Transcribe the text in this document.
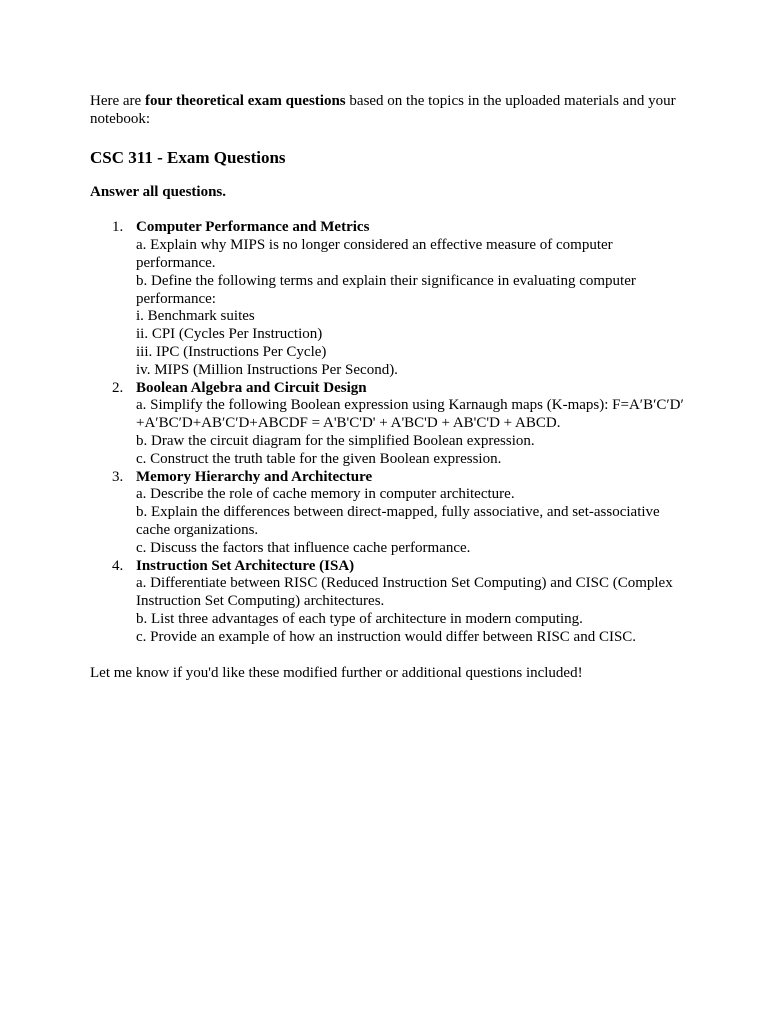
Here are four theoretical exam questions based on the topics in the uploaded materials and your notebook:

CSC 311 - Exam Questions

Answer all questions.

1. Computer Performance and Metrics
a. Explain why MIPS is no longer considered an effective measure of computer performance.
b. Define the following terms and explain their significance in evaluating computer performance:
i. Benchmark suites
ii. CPI (Cycles Per Instruction)
iii. IPC (Instructions Per Cycle)
iv. MIPS (Million Instructions Per Second).
2. Boolean Algebra and Circuit Design
a. Simplify the following Boolean expression using Karnaugh maps (K-maps): F=A′B′C′D′+A′BC′D+AB′C′D+ABCDF = A'B'C'D' + A'BC'D + AB'C'D + ABCD.
b. Draw the circuit diagram for the simplified Boolean expression.
c. Construct the truth table for the given Boolean expression.
3. Memory Hierarchy and Architecture
a. Describe the role of cache memory in computer architecture.
b. Explain the differences between direct-mapped, fully associative, and set-associative cache organizations.
c. Discuss the factors that influence cache performance.
4. Instruction Set Architecture (ISA)
a. Differentiate between RISC (Reduced Instruction Set Computing) and CISC (Complex Instruction Set Computing) architectures.
b. List three advantages of each type of architecture in modern computing.
c. Provide an example of how an instruction would differ between RISC and CISC.

Let me know if you'd like these modified further or additional questions included!
